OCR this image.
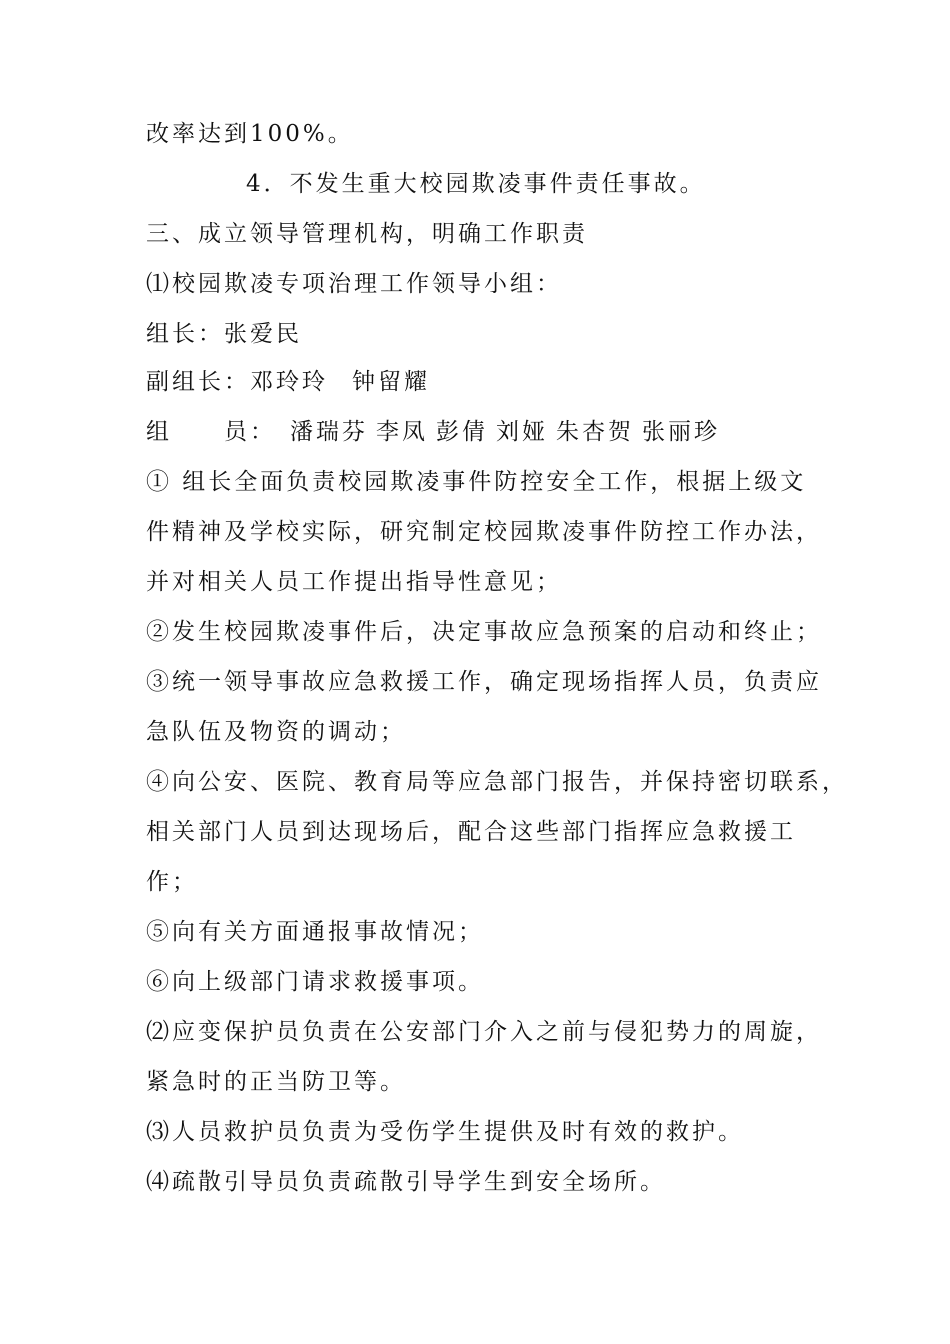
改率达到100%。
4．不发生重大校园欺凌事件责任事故。
三、成立领导管理机构，明确工作职责
⑴校园欺凌专项治理工作领导小组：
组长：张爱民
副组长：邓玲玲 钟留耀
组　　员： 潘瑞芬 李凤 彭倩 刘娅 朱杏贺 张丽珍
① 组长全面负责校园欺凌事件防控安全工作，根据上级文
件精神及学校实际，研究制定校园欺凌事件防控工作办法，
并对相关人员工作提出指导性意见；
②发生校园欺凌事件后，决定事故应急预案的启动和终止；
③统一领导事故应急救援工作，确定现场指挥人员，负责应
急队伍及物资的调动；
④向公安、医院、教育局等应急部门报告，并保持密切联系，
相关部门人员到达现场后，配合这些部门指挥应急救援工
作；
⑤向有关方面通报事故情况；
⑥向上级部门请求救援事项。
⑵应变保护员负责在公安部门介入之前与侵犯势力的周旋，
紧急时的正当防卫等。
⑶人员救护员负责为受伤学生提供及时有效的救护。
⑷疏散引导员负责疏散引导学生到安全场所。
